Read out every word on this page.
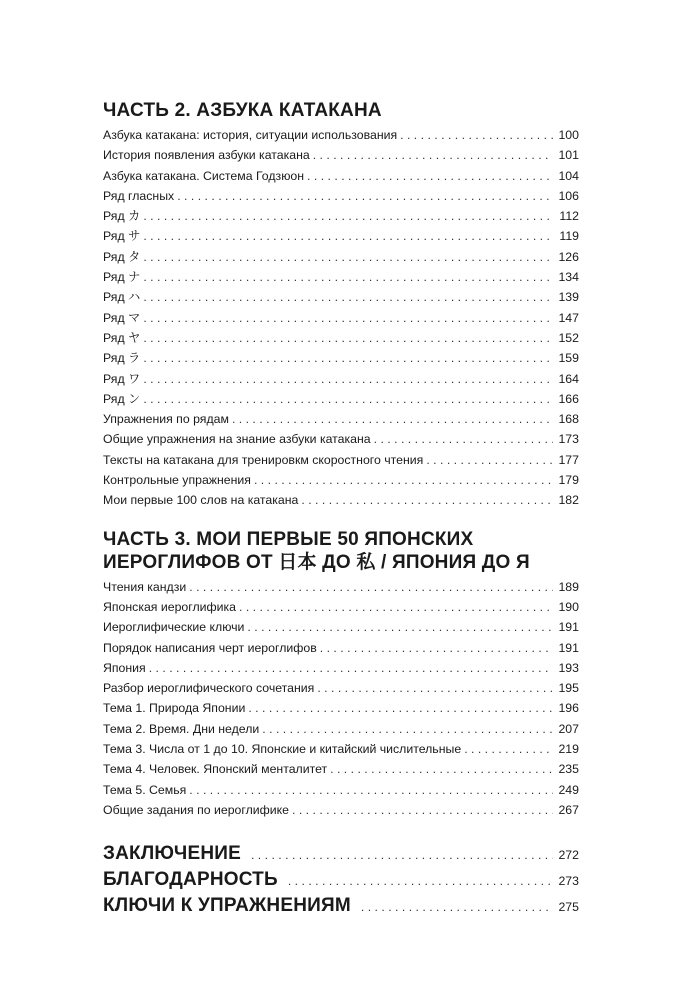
ЧАСТЬ 2. АЗБУКА КАТАКАНА
Азбука катакана: история, ситуации использования . . .	100
История появления азбуки катакана . . .	101
Азбука катакана. Система Годзюон . . .	104
Ряд гласных . . .	106
Ряд カ . . .	112
Ряд サ . . .	119
Ряд タ . . .	126
Ряд ナ . . .	134
Ряд ハ . . .	139
Ряд マ . . .	147
Ряд ヤ . . .	152
Ряд ラ . . .	159
Ряд ワ . . .	164
Ряд ン . . .	166
Упражнения по рядам . . .	168
Общие упражнения на знание азбуки катакана . . .	173
Тексты на катакана для тренировкм скоростного чтения . . .	177
Контрольные упражнения . . .	179
Мои первые 100 слов на катакана . . .	182
ЧАСТЬ 3. МОИ ПЕРВЫЕ 50 ЯПОНСКИХ
ИЕРОГЛИФОВ ОТ 日本 ДО 私 / ЯПОНИЯ ДО Я
Чтения кандзи . . .	189
Японская иероглифика . . .	190
Иероглифические ключи . . .	191
Порядок написания черт иероглифов . . .	191
Япония . . .	193
Разбор иероглифического сочетания . . .	195
Тема 1. Природа Японии . . .	196
Тема 2. Время. Дни недели . . .	207
Тема 3. Числа от 1 до 10. Японские и китайский числительные . . .	219
Тема 4. Человек. Японский менталитет . . .	235
Тема 5. Семья . . .	249
Общие задания по иероглифике . . .	267
ЗАКЛЮЧЕНИЕ . . .	272
БЛАГОДАРНОСТЬ . . .	273
КЛЮЧИ К УПРАЖНЕНИЯМ . . .	275
